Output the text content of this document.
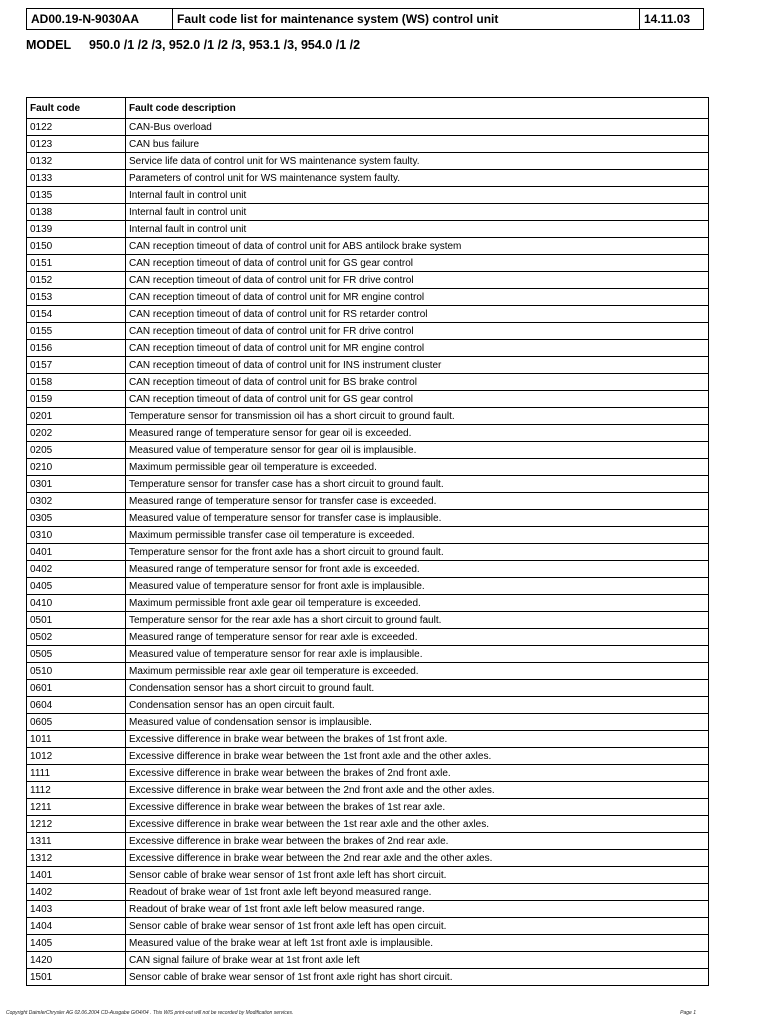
AD00.19-N-9030AA	Fault code list for maintenance system (WS) control unit	14.11.03
MODEL 950.0 /1 /2 /3, 952.0 /1 /2 /3, 953.1 /3, 954.0 /1 /2
Fault code	Fault code description
0122	CAN-Bus overload
0123	CAN bus failure
0132	Service life data of control unit for WS maintenance system faulty.
0133	Parameters of control unit for WS maintenance system faulty.
0135	Internal fault in control unit
0138	Internal fault in control unit
0139	Internal fault in control unit
0150	CAN reception timeout of data of control unit for ABS antilock brake system
0151	CAN reception timeout of data of control unit for GS gear control
0152	CAN reception timeout of data of control unit for FR drive control
0153	CAN reception timeout of data of control unit for MR engine control
0154	CAN reception timeout of data of control unit for RS retarder control
0155	CAN reception timeout of data of control unit for FR drive control
0156	CAN reception timeout of data of control unit for MR engine control
0157	CAN reception timeout of data of control unit for INS instrument cluster
0158	CAN reception timeout of data of control unit for BS brake control
0159	CAN reception timeout of data of control unit for GS gear control
0201	Temperature sensor for transmission oil has a short circuit to ground fault.
0202	Measured range of temperature sensor for gear oil is exceeded.
0205	Measured value of temperature sensor for gear oil is implausible.
0210	Maximum permissible gear oil temperature is exceeded.
0301	Temperature sensor for transfer case has a short circuit to ground fault.
0302	Measured range of temperature sensor for transfer case is exceeded.
0305	Measured value of temperature sensor for transfer case is implausible.
0310	Maximum permissible transfer case oil temperature is exceeded.
0401	Temperature sensor for the front axle has a short circuit to ground fault.
0402	Measured range of temperature sensor for front axle is exceeded.
0405	Measured value of temperature sensor for front axle is implausible.
0410	Maximum permissible front axle gear oil temperature is exceeded.
0501	Temperature sensor for the rear axle has a short circuit to ground fault.
0502	Measured range of temperature sensor for rear axle is exceeded.
0505	Measured value of temperature sensor for rear axle is implausible.
0510	Maximum permissible rear axle gear oil temperature is exceeded.
0601	Condensation sensor has a short circuit to ground fault.
0604	Condensation sensor has an open circuit fault.
0605	Measured value of condensation sensor is implausible.
1011	Excessive difference in brake wear between the brakes of 1st front axle.
1012	Excessive difference in brake wear between the 1st front axle and the other axles.
1111	Excessive difference in brake wear between the brakes of 2nd front axle.
1112	Excessive difference in brake wear between the 2nd front axle and the other axles.
1211	Excessive difference in brake wear between the brakes of 1st rear axle.
1212	Excessive difference in brake wear between the 1st rear axle and the other axles.
1311	Excessive difference in brake wear between the brakes of 2nd rear axle.
1312	Excessive difference in brake wear between the 2nd rear axle and the other axles.
1401	Sensor cable of brake wear sensor of 1st front axle left has short circuit.
1402	Readout of brake wear of 1st front axle left beyond measured range.
1403	Readout of brake wear of 1st front axle left below measured range.
1404	Sensor cable of brake wear sensor of 1st front axle left has open circuit.
1405	Measured value of the brake wear at left 1st front axle is implausible.
1420	CAN signal failure of brake wear at 1st front axle left
1501	Sensor cable of brake wear sensor of 1st front axle right has short circuit.
Copyright DaimlerChrysler AG 02.06.2004 CD-Ausgabe G/04/04 . This WIS print-out will not be recorded by Modification services.	Page 1
